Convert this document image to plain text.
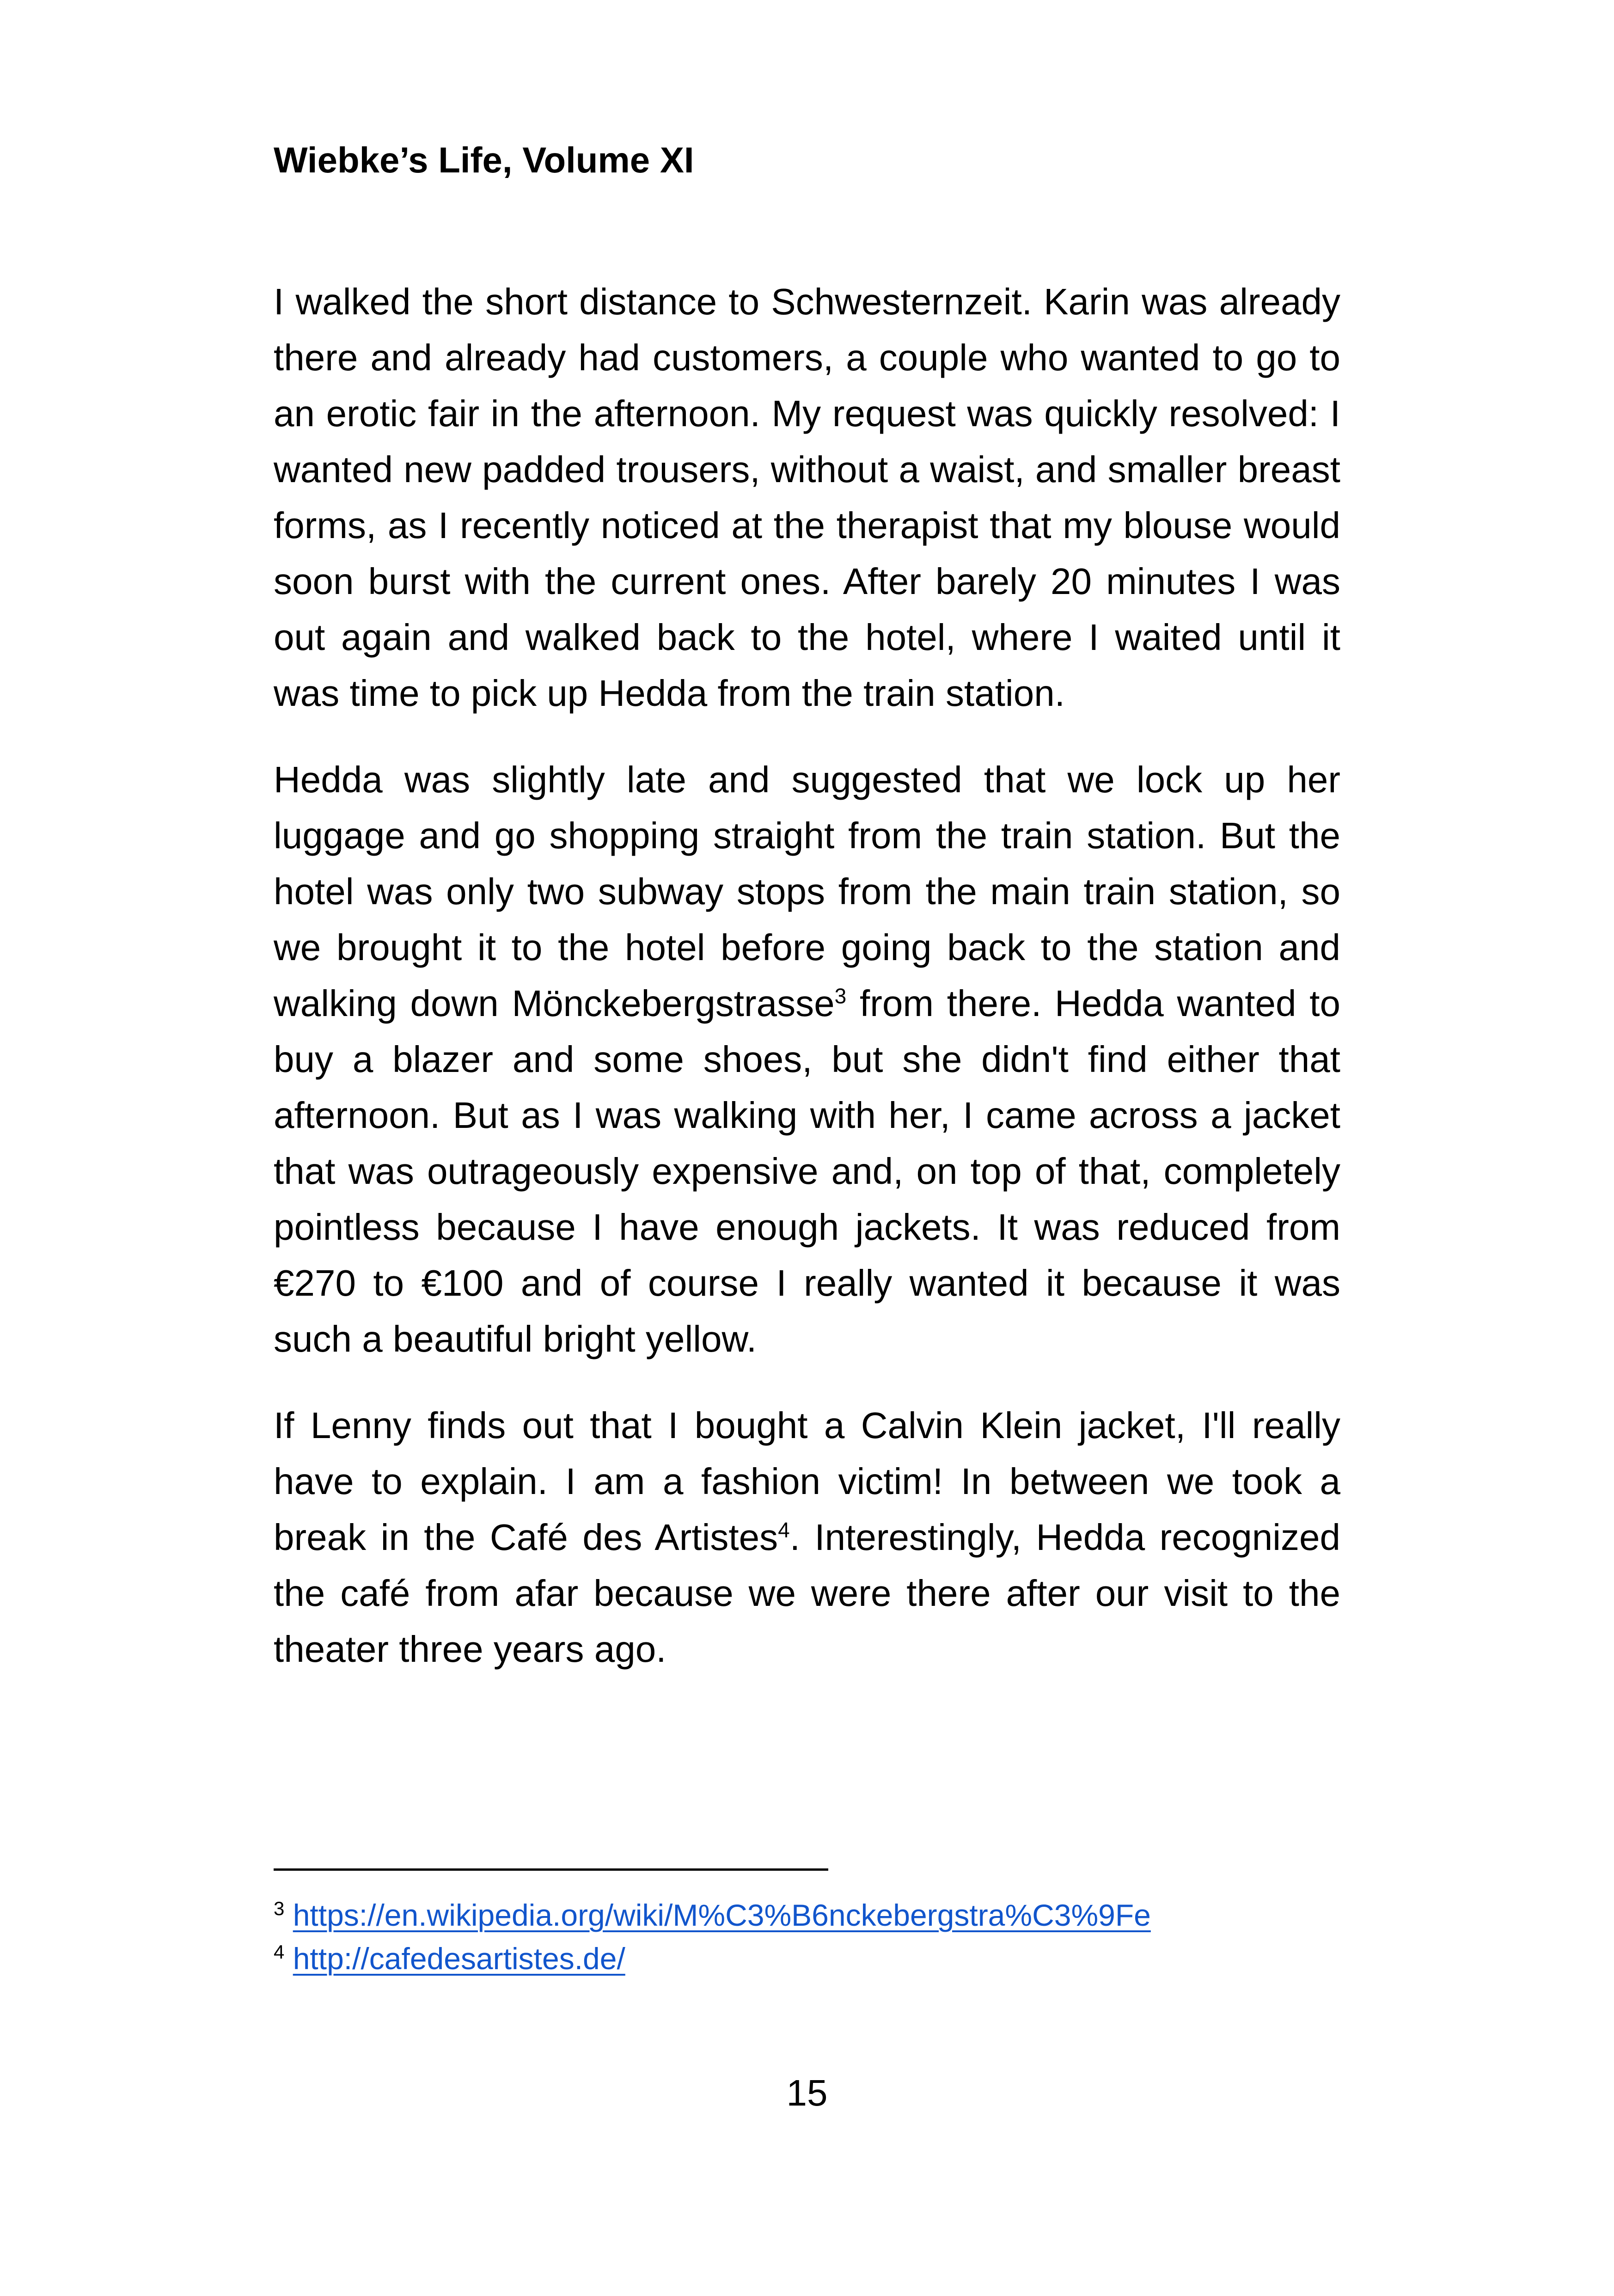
Wiebke’s Life, Volume XI

I walked the short distance to Schwesternzeit. Karin was already there and already had customers, a couple who wanted to go to an erotic fair in the afternoon. My request was quickly resolved: I wanted new padded trousers, without a waist, and smaller breast forms, as I recently noticed at the therapist that my blouse would soon burst with the current ones. After barely 20 minutes I was out again and walked back to the hotel, where I waited until it was time to pick up Hedda from the train station.

Hedda was slightly late and suggested that we lock up her luggage and go shopping straight from the train station. But the hotel was only two subway stops from the main train station, so we brought it to the hotel before going back to the station and walking down Mönckebergstrasse$^3$ from there. Hedda wanted to buy a blazer and some shoes, but she didn't find either that afternoon. But as I was walking with her, I came across a jacket that was outrageously expensive and, on top of that, completely pointless because I have enough jackets. It was reduced from €270 to €100 and of course I really wanted it because it was such a beautiful bright yellow.

If Lenny finds out that I bought a Calvin Klein jacket, I'll really have to explain. I am a fashion victim! In between we took a break in the Café des Artistes$^4$. Interestingly, Hedda recognized the café from afar because we were there after our visit to the theater three years ago.

$^3$ https://en.wikipedia.org/wiki/M%C3%B6nckebergstra%C3%9Fe

$^4$ http://cafedesartistes.de/

15
